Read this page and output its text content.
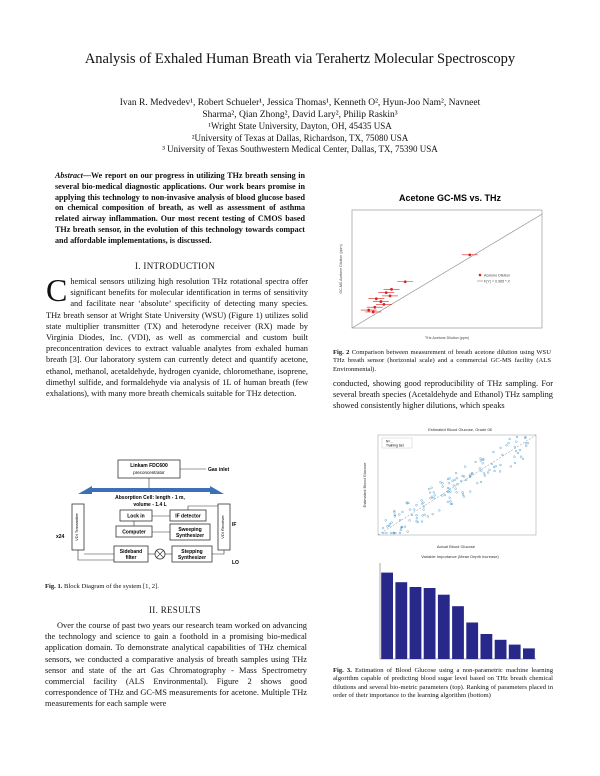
Analysis of Exhaled Human Breath via Terahertz Molecular Spectroscopy
Ivan R. Medvedev¹, Robert Schueler¹, Jessica Thomas¹, Kenneth O², Hyun-Joo Nam², Navneet
Sharma², Qian Zhong², David Lary², Philip Raskin³
¹Wright State University, Dayton, OH, 45435 USA
²University of Texas at Dallas, Richardson, TX, 75080 USA
³ University of Texas Southwestern Medical Center, Dallas, TX, 75390 USA
Abstract—We report on our progress in utilizing THz breath sensing in several bio-medical diagnostic applications. Our work bears promise in applying this technology to non-invasive analysis of blood glucose based on chemical composition of breath, as well as assessment of asthma related airway inflammation. Our most recent testing of CMOS based THz breath sensor, in the evolution of this technology towards compact and affordable implementations, is discussed.
I. INTRODUCTION
Chemical sensors utilizing high resolution THz rotational spectra offer significant benefits for molecular identification in terms of sensitivity and facilitate near ‘absolute’ specificity of detecting many species. THz breath sensor at Wright State University (WSU) (Figure 1) utilizes solid state multiplier transmitter (TX) and heterodyne receiver (RX) made by Virginia Diodes, Inc. (VDI), as well as commercial and custom built preconcentration devices to extract valuable analytes from exhaled human breath [3]. Our laboratory system can currently detect and quantify acetone, ethanol, methanol, acetaldehyde, hydrogen cyanide, chloromethane, isoprene, dimethyl sulfide, and formaldehyde via analysis of 1L of human breath (few exhalations), with many more breath chemicals suitable for THz detection.
Linkam FDC600
preconcentrator	Gas inlet
Absorption Cell: length - 1 m,
volume - 1.4 L
VDI Transmitter	VDI Receiver
x24
IF
LO
Lock in	IF detector
Computer	Sweeping
Synthesizer
Sideband
filter
Stepping
Synthesizer
Fig. 1. Block Diagram of the system [1, 2].
II. RESULTS
Over the course of past two years our research team worked on advancing the technology and science to gain a foothold in a promising bio-medical application domain. To demonstrate analytical capabilities of THz chemical sensors, we conducted a comparative analysis of breath samples using THz sensor and state of the art Gas Chromatography - Mass Spectrometry commercial facility (ALS Environmental). Figure 2 shows good correspondence of THz and GC-MS measurements for acetone. Multiple THz measurements for each sample were
Acetone GC-MS vs. THz
THz Acetone Dilution (ppm)
GC-MS Acetone Dilution (ppm)	Acetone Dilution
F(Y) = 0.965 * X
Fig. 2 Comparison between measurement of breath acetone dilution using WSU THz breath sensor (horizontal scale) and a commercial GC-MS facility (ALS Environmental).
conducted, showing good reproducibility of THz sampling. For several breath species (Acetaldehyde and Ethanol) THz sampling showed consistently higher dilutions, which speaks
Estimated Blood Glucose, Grade 06
Actual Blood Glucose
Estimated Blood Glucose
N=...
Training Set
Variable Importance (Mean Depth Increase)
Fig. 3. Estimation of Blood Glucose using a non-parametric machine learning algorithm capable of predicting blood sugar level based on THz breath chemical dilutions and several bio-metric parameters (top). Ranking of parameters placed in order of their importance to the learning algorithm (bottom)
